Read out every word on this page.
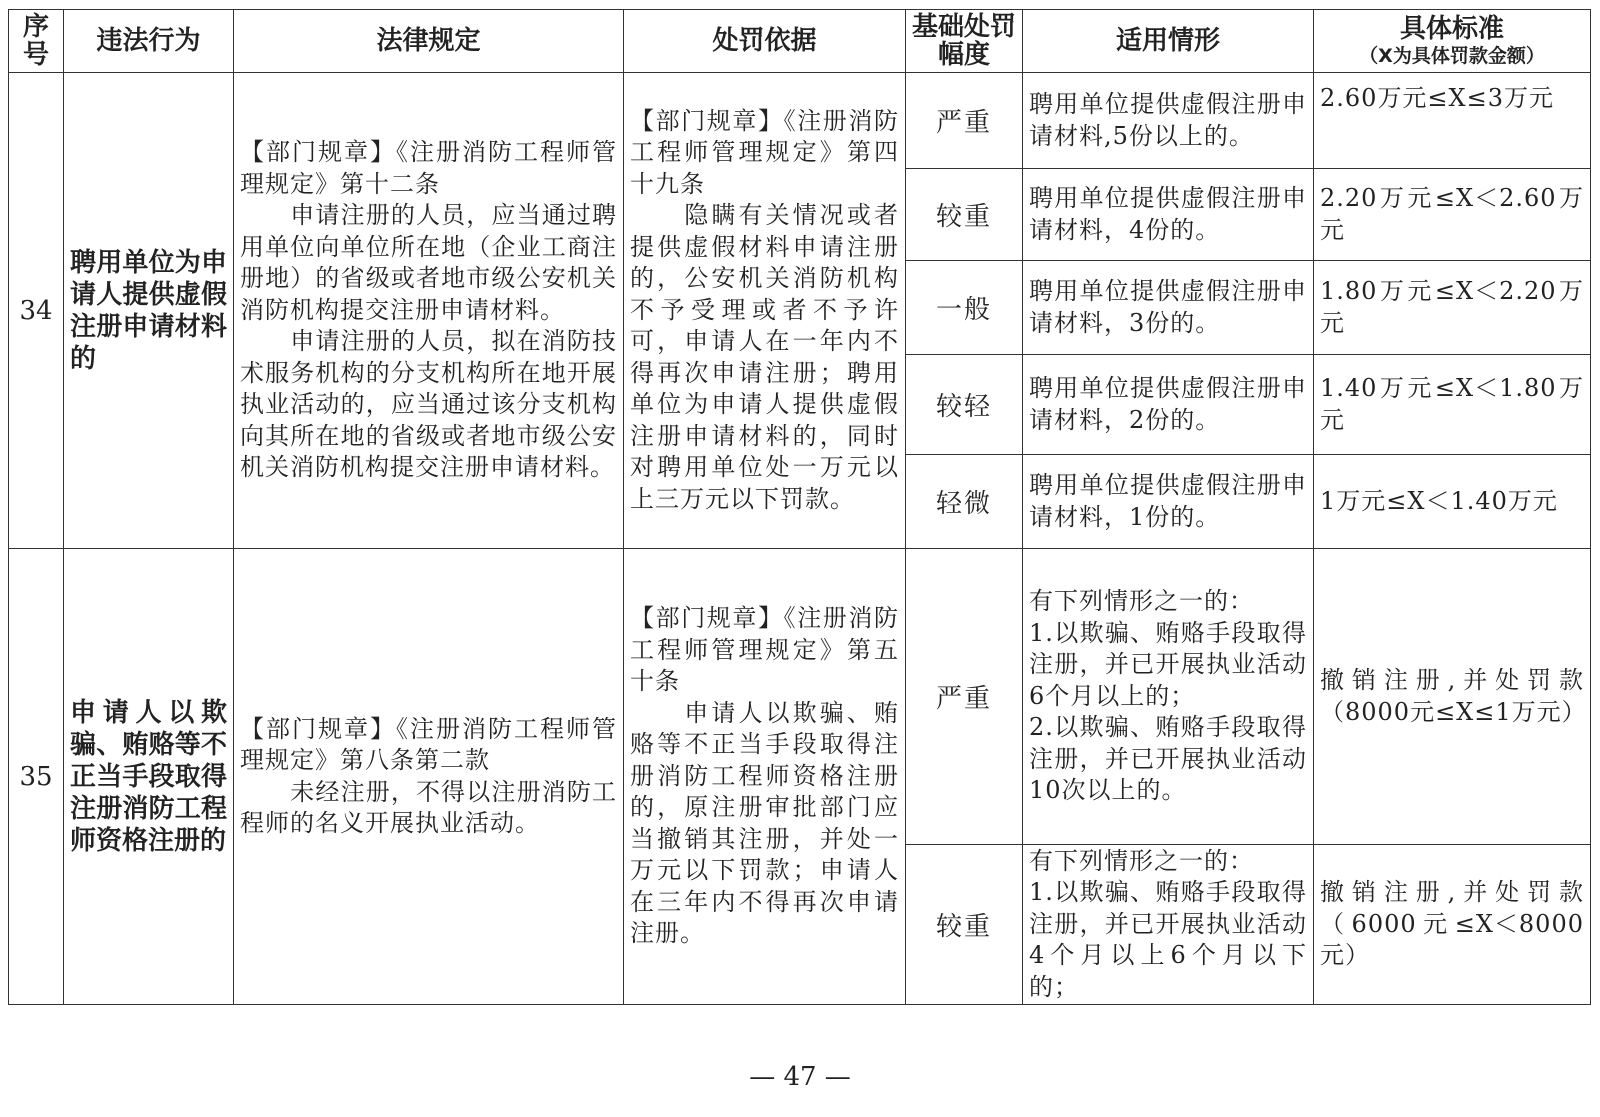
序号	违法行为	法律规定	处罚依据	基础处罚幅度	适用情形	具体标准
（X为具体罚款金额）

34	聘用单位为申请人提供虚假注册申请材料的	【部门规章】《注册消防工程师管理规定》第十二条
　　申请注册的人员，应当通过聘用单位向单位所在地（企业工商注册地）的省级或者地市级公安机关消防机构提交注册申请材料。
　　申请注册的人员，拟在消防技术服务机构的分支机构所在地开展执业活动的，应当通过该分支机构向其所在地的省级或者地市级公安机关消防机构提交注册申请材料。	【部门规章】《注册消防工程师管理规定》第四十九条
　　隐瞒有关情况或者提供虚假材料申请注册的，公安机关消防机构不予受理或者不予许可，申请人在一年内不得再次申请注册；聘用单位为申请人提供虚假注册申请材料的，同时对聘用单位处一万元以上三万元以下罚款。	严重	聘用单位提供虚假注册申请材料,5份以上的。	2.60万元≤X≤3万元
				较重	聘用单位提供虚假注册申请材料，4份的。	2.20万元≤X＜2.60万元
				一般	聘用单位提供虚假注册申请材料，3份的。	1.80万元≤X＜2.20万元
				较轻	聘用单位提供虚假注册申请材料，2份的。	1.40万元≤X＜1.80万元
				轻微	聘用单位提供虚假注册申请材料，1份的。	1万元≤X＜1.40万元
35	申请人以欺骗、贿赂等不正当手段取得注册消防工程师资格注册的	【部门规章】《注册消防工程师管理规定》第八条第二款
　　未经注册，不得以注册消防工程师的名义开展执业活动。	【部门规章】《注册消防工程师管理规定》第五十条
　　申请人以欺骗、贿赂等不正当手段取得注册消防工程师资格注册的，原注册审批部门应当撤销其注册，并处一万元以下罚款；申请人在三年内不得再次申请注册。	严重	有下列情形之一的：
1.以欺骗、贿赂手段取得注册，并已开展执业活动6个月以上的；
2.以欺骗、贿赂手段取得注册，并已开展执业活动10次以上的。	撤销注册,并处罚款（8000元≤X≤1万元）
				较重	有下列情形之一的：
1.以欺骗、贿赂手段取得注册，并已开展执业活动4个月以上6个月以下的；	撤销注册,并处罚款（6000元≤X＜8000元）
— 47 —
